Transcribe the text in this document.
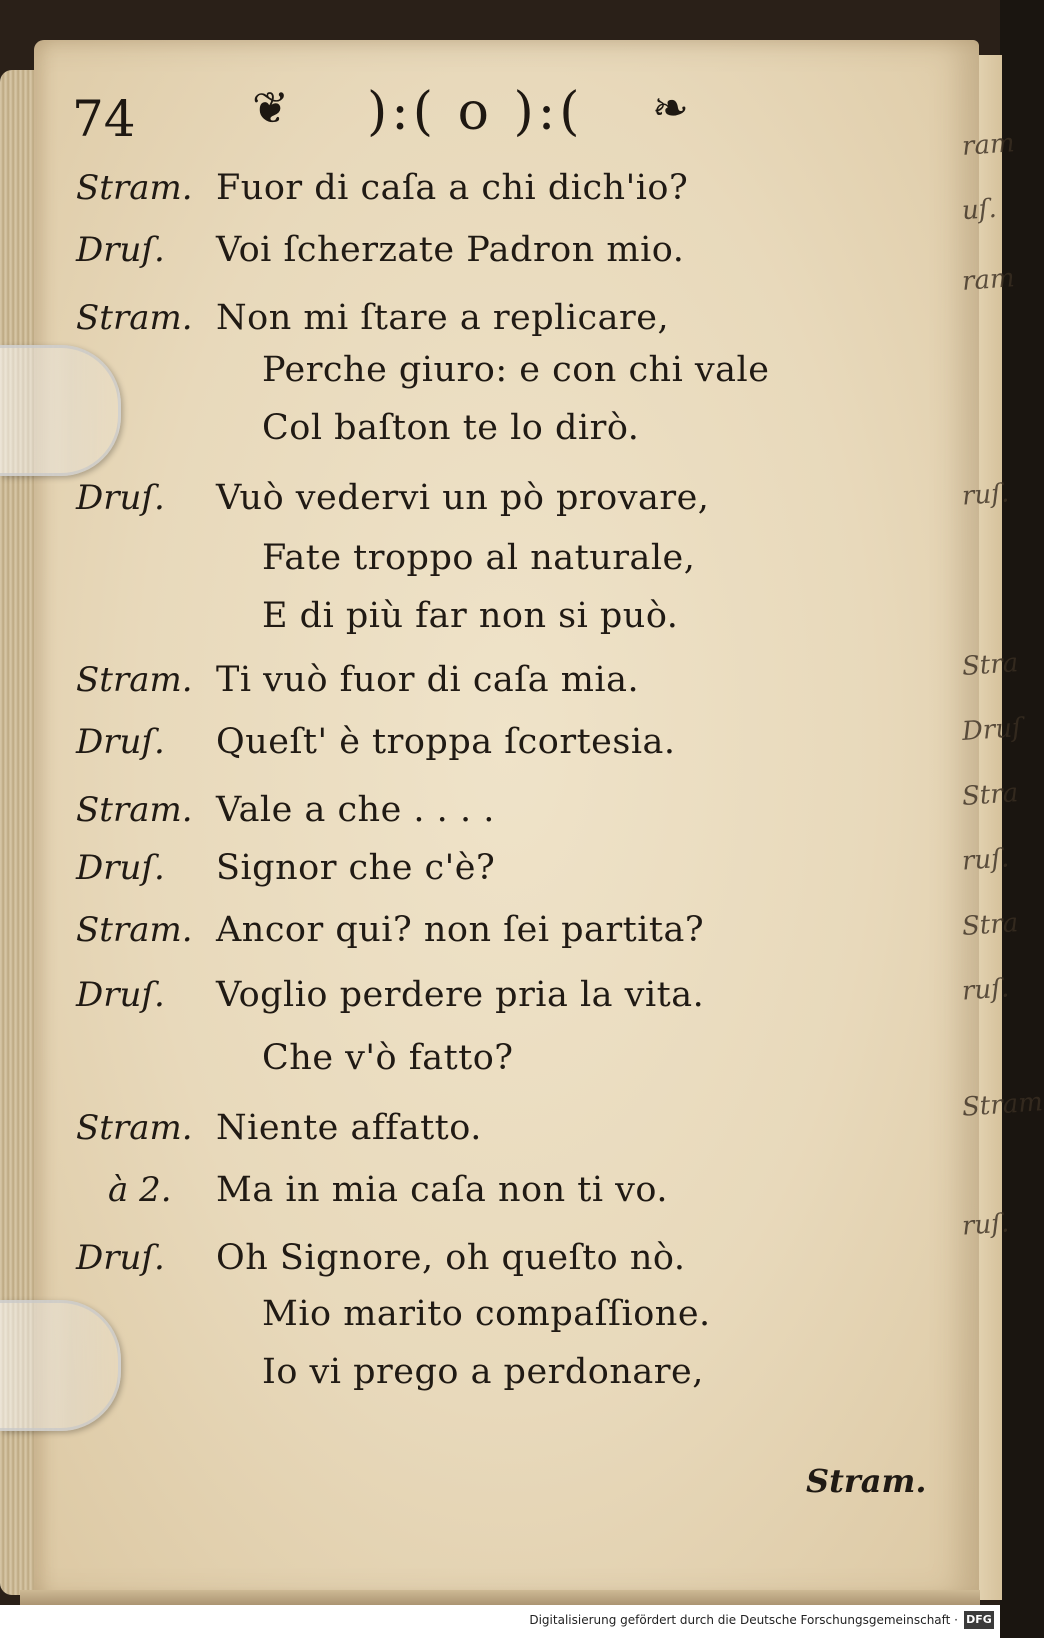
ram
uſ.
ram
ruſ.
Stra
Druſ
Stra
ruſ.
Stra
ruſ.
Stram
ruſ.
74	❦ ):( o ):( ❧
Stram. Fuor di caſa a chi dich'io?
Druſ. Voi ſcherzate Padron mio.
Stram. Non mi ſtare a replicare,
Perche giuro: e con chi vale
Col baſton te lo dirò.
Druſ. Vuò vedervi un pò provare,
Fate troppo al naturale,
E di più far non si può.
Stram. Ti vuò fuor di caſa mia.
Druſ. Queſt' è troppa ſcortesia.
Stram. Vale a che . . . .
Druſ. Signor che c'è?
Stram. Ancor qui? non ſei partita?
Druſ. Voglio perdere pria la vita.
Che v'ò fatto?
Stram. Niente affatto.
à 2. Ma in mia caſa non ti vo.
Druſ. Oh Signore, oh queſto nò.
Mio marito compaſſione.
Io vi prego a perdonare,
Stram.
Digitalisierung gefördert durch die Deutsche Forschungsgemeinschaft · DFG
